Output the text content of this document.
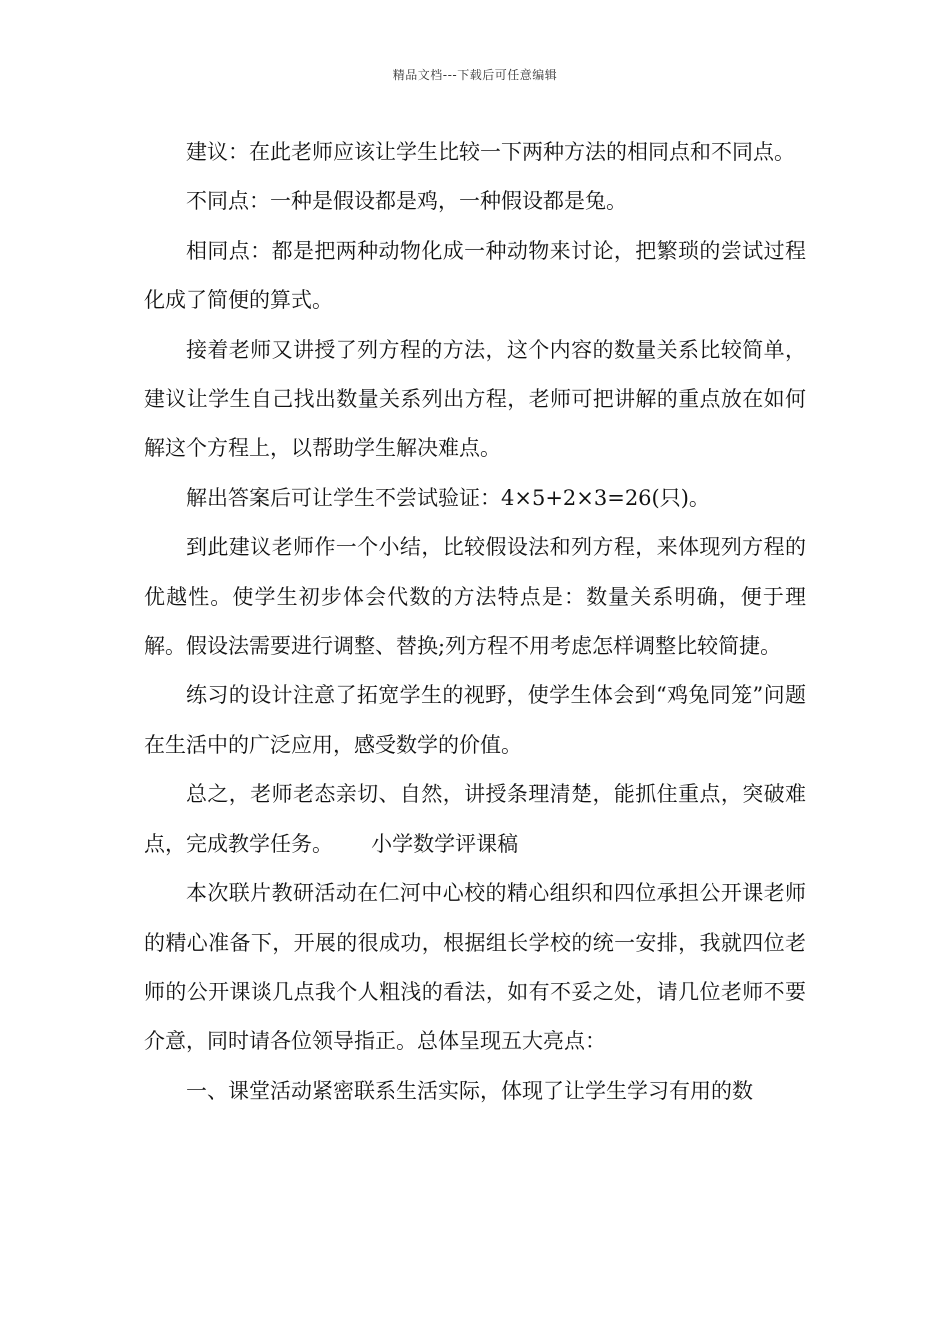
精品文档---下载后可任意编辑

建议：在此老师应该让学生比较一下两种方法的相同点和不同点。

不同点：一种是假设都是鸡，一种假设都是兔。

相同点：都是把两种动物化成一种动物来讨论，把繁琐的尝试过程化成了简便的算式。

接着老师又讲授了列方程的方法，这个内容的数量关系比较简单，建议让学生自己找出数量关系列出方程，老师可把讲解的重点放在如何解这个方程上，以帮助学生解决难点。

解出答案后可让学生不尝试验证：4×5+2×3=26(只)。

到此建议老师作一个小结，比较假设法和列方程，来体现列方程的优越性。使学生初步体会代数的方法特点是：数量关系明确，便于理解。假设法需要进行调整、替换;列方程不用考虑怎样调整比较简捷。

练习的设计注意了拓宽学生的视野，使学生体会到“鸡兔同笼”问题在生活中的广泛应用，感受数学的价值。

总之，老师老态亲切、自然，讲授条理清楚，能抓住重点，突破难点，完成教学任务。　　 小学数学评课稿

本次联片教研活动在仁河中心校的精心组织和四位承担公开课老师的精心准备下，开展的很成功，根据组长学校的统一安排，我就四位老师的公开课谈几点我个人粗浅的看法，如有不妥之处，请几位老师不要介意，同时请各位领导指正。总体呈现五大亮点：

一、课堂活动紧密联系生活实际，体现了让学生学习有用的数
